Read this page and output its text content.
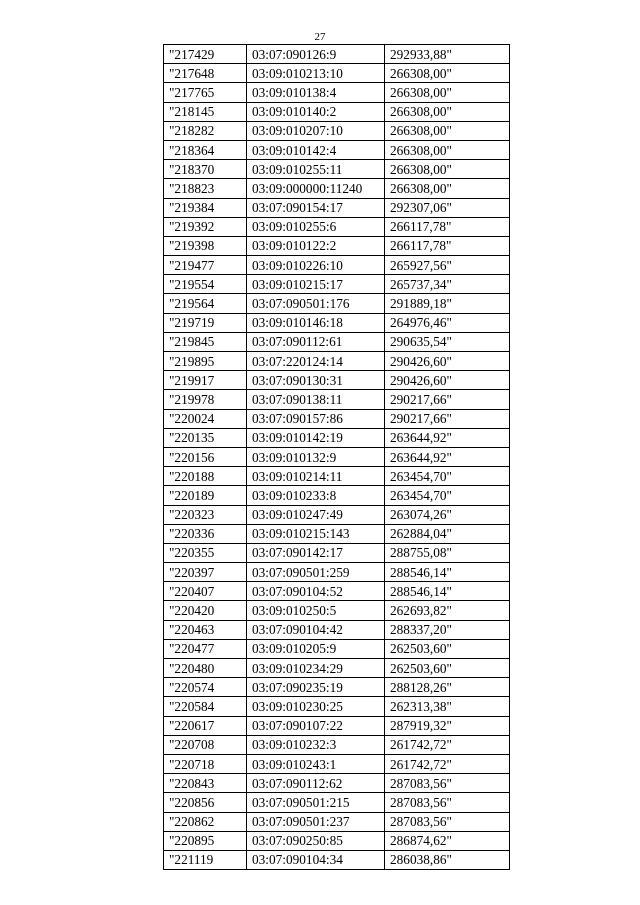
27
"217429	03:07:090126:9	292933,88"
"217648	03:09:010213:10	266308,00"
"217765	03:09:010138:4	266308,00"
"218145	03:09:010140:2	266308,00"
"218282	03:09:010207:10	266308,00"
"218364	03:09:010142:4	266308,00"
"218370	03:09:010255:11	266308,00"
"218823	03:09:000000:11240	266308,00"
"219384	03:07:090154:17	292307,06"
"219392	03:09:010255:6	266117,78"
"219398	03:09:010122:2	266117,78"
"219477	03:09:010226:10	265927,56"
"219554	03:09:010215:17	265737,34"
"219564	03:07:090501:176	291889,18"
"219719	03:09:010146:18	264976,46"
"219845	03:07:090112:61	290635,54"
"219895	03:07:220124:14	290426,60"
"219917	03:07:090130:31	290426,60"
"219978	03:07:090138:11	290217,66"
"220024	03:07:090157:86	290217,66"
"220135	03:09:010142:19	263644,92"
"220156	03:09:010132:9	263644,92"
"220188	03:09:010214:11	263454,70"
"220189	03:09:010233:8	263454,70"
"220323	03:09:010247:49	263074,26"
"220336	03:09:010215:143	262884,04"
"220355	03:07:090142:17	288755,08"
"220397	03:07:090501:259	288546,14"
"220407	03:07:090104:52	288546,14"
"220420	03:09:010250:5	262693,82"
"220463	03:07:090104:42	288337,20"
"220477	03:09:010205:9	262503,60"
"220480	03:09:010234:29	262503,60"
"220574	03:07:090235:19	288128,26"
"220584	03:09:010230:25	262313,38"
"220617	03:07:090107:22	287919,32"
"220708	03:09:010232:3	261742,72"
"220718	03:09:010243:1	261742,72"
"220843	03:07:090112:62	287083,56"
"220856	03:07:090501:215	287083,56"
"220862	03:07:090501:237	287083,56"
"220895	03:07:090250:85	286874,62"
"221119	03:07:090104:34	286038,86"
